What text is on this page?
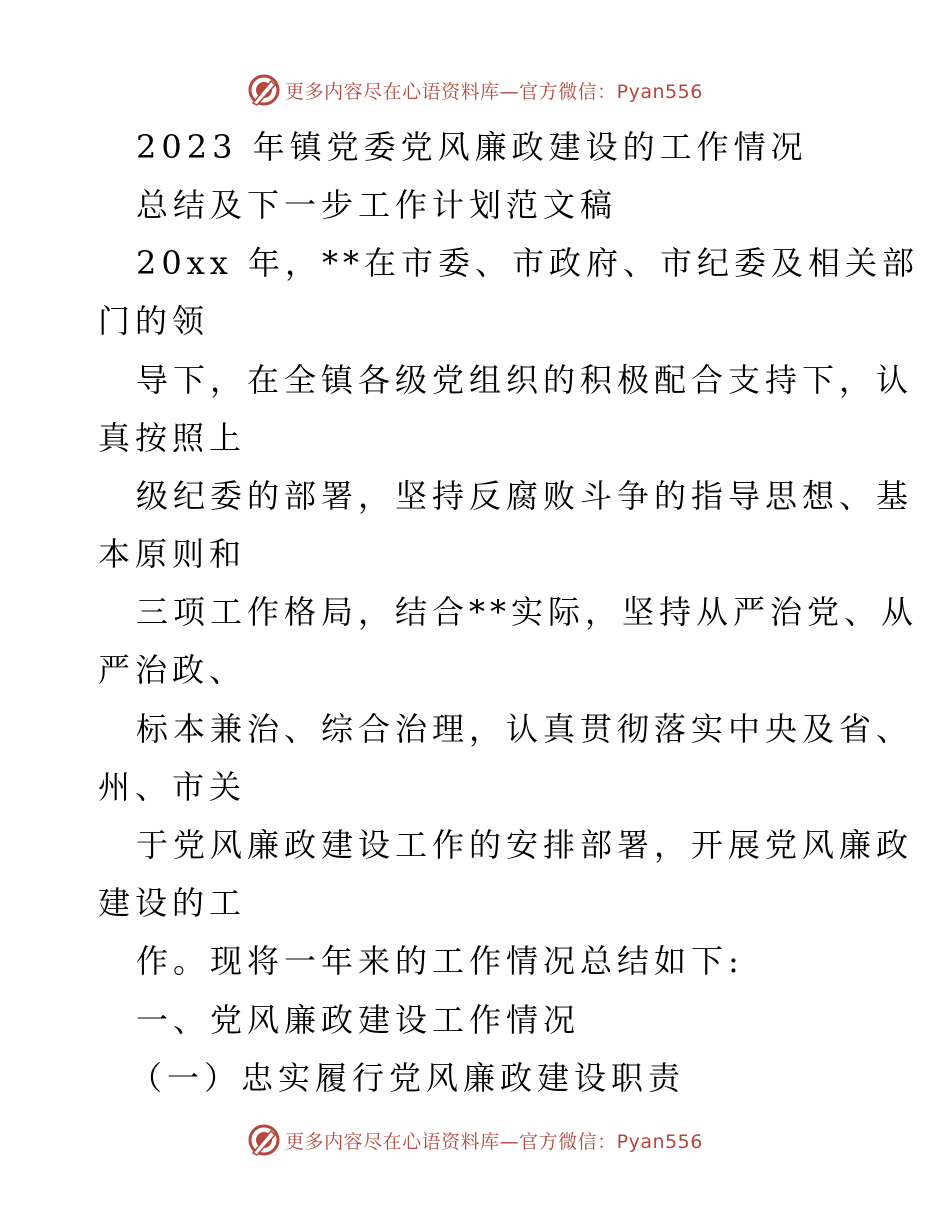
更多内容尽在心语资料库—官方微信：Pyan556
2023 年镇党委党风廉政建设的工作情况
总结及下一步工作计划范文稿
20xx 年，**在市委、市政府、市纪委及相关部
门的领
导下，在全镇各级党组织的积极配合支持下，认
真按照上
级纪委的部署，坚持反腐败斗争的指导思想、基
本原则和
三项工作格局，结合**实际，坚持从严治党、从
严治政、
标本兼治、综合治理，认真贯彻落实中央及省、
州、市关
于党风廉政建设工作的安排部署，开展党风廉政
建设的工
作。现将一年来的工作情况总结如下:
一、党风廉政建设工作情况
（一）忠实履行党风廉政建设职责
更多内容尽在心语资料库—官方微信：Pyan556
